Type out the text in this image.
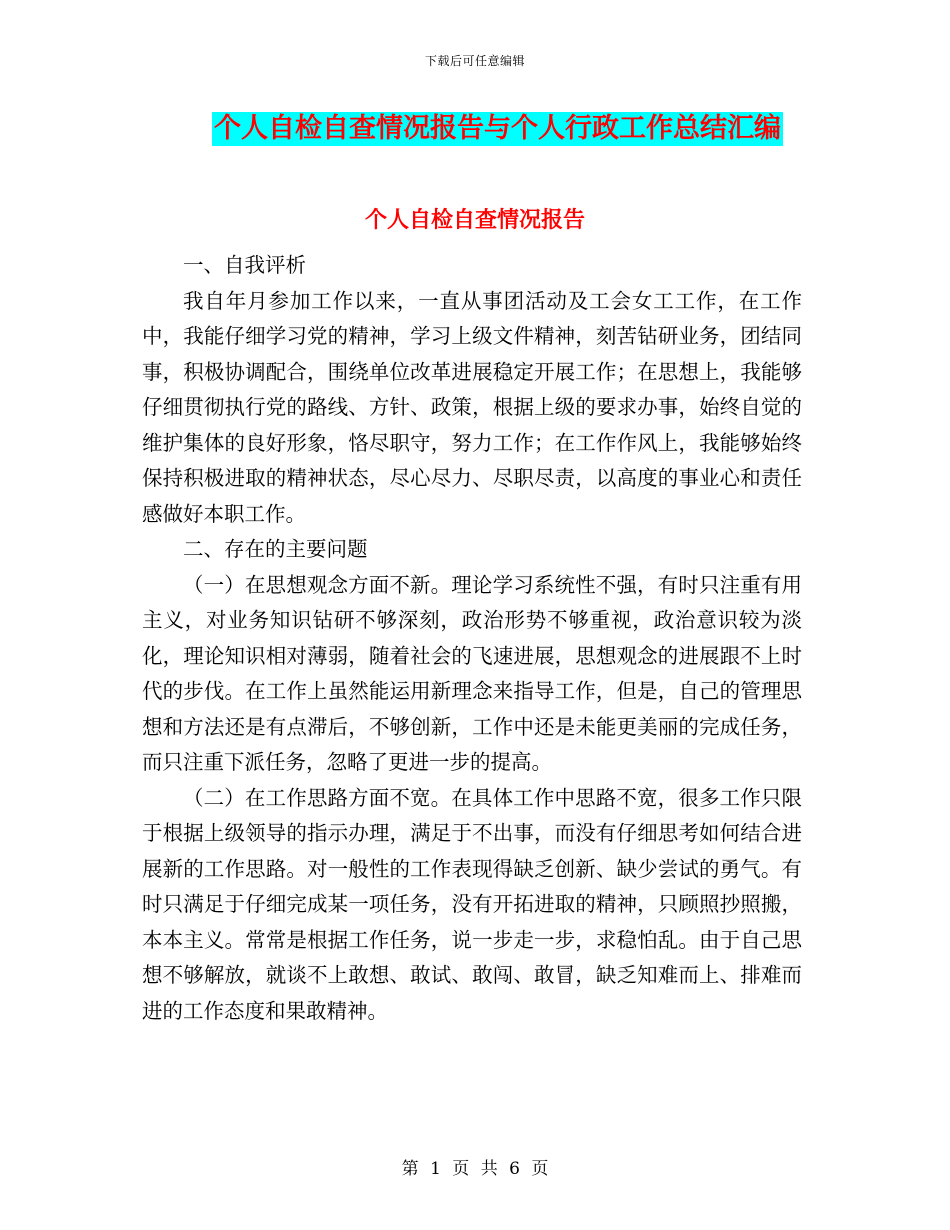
下载后可任意编辑
个人自检自查情况报告与个人行政工作总结汇编
个人自检自查情况报告

一、自我评析

我自年月参加工作以来，一直从事团活动及工会女工工作，在工作中，我能仔细学习党的精神，学习上级文件精神，刻苦钻研业务，团结同事，积极协调配合，围绕单位改革进展稳定开展工作；在思想上，我能够仔细贯彻执行党的路线、方针、政策，根据上级的要求办事，始终自觉的维护集体的良好形象，恪尽职守，努力工作；在工作作风上，我能够始终保持积极进取的精神状态，尽心尽力、尽职尽责，以高度的事业心和责任感做好本职工作。

二、存在的主要问题

（一）在思想观念方面不新。理论学习系统性不强，有时只注重有用主义，对业务知识钻研不够深刻，政治形势不够重视，政治意识较为淡化，理论知识相对薄弱，随着社会的飞速进展，思想观念的进展跟不上时代的步伐。在工作上虽然能运用新理念来指导工作，但是，自己的管理思想和方法还是有点滞后，不够创新，工作中还是未能更美丽的完成任务，而只注重下派任务，忽略了更进一步的提高。

（二）在工作思路方面不宽。在具体工作中思路不宽，很多工作只限于根据上级领导的指示办理，满足于不出事，而没有仔细思考如何结合进展新的工作思路。对一般性的工作表现得缺乏创新、缺少尝试的勇气。有时只满足于仔细完成某一项任务，没有开拓进取的精神，只顾照抄照搬，本本主义。常常是根据工作任务，说一步走一步，求稳怕乱。由于自己思想不够解放，就谈不上敢想、敢试、敢闯、敢冒，缺乏知难而上、排难而进的工作态度和果敢精神。

第 1 页 共 6 页
